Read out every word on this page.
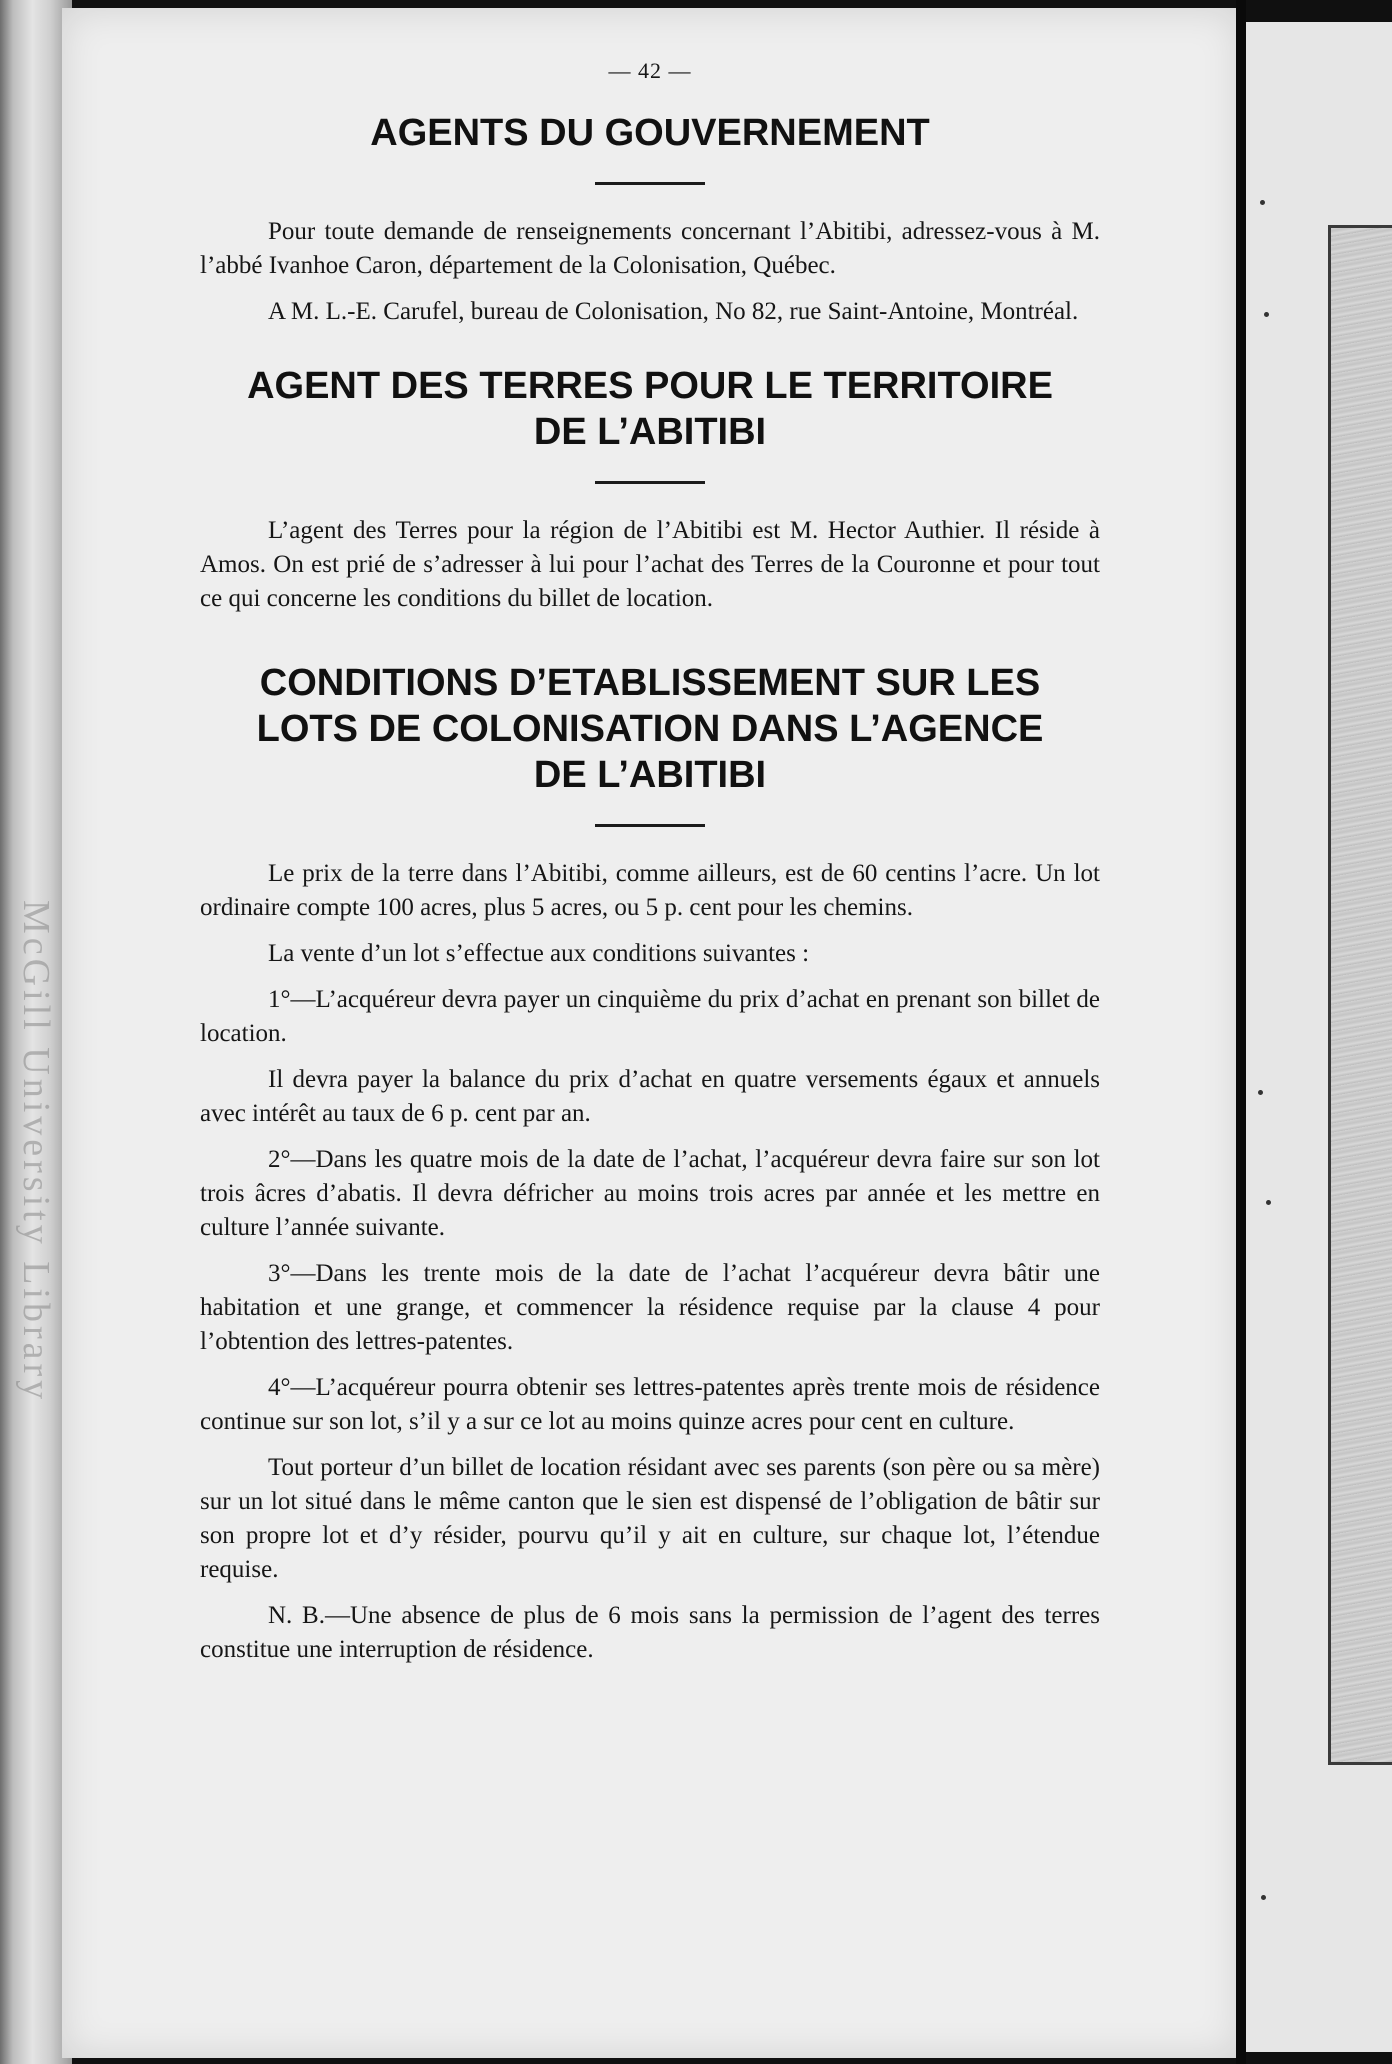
McGill University Library
— 42 —
AGENTS DU GOUVERNEMENT

Pour toute demande de renseignements concernant l’Abitibi, adressez-vous à M. l’abbé Ivanhoe Caron, département de la Colonisation, Québec.

A M. L.-E. Carufel, bureau de Colonisation, No 82, rue Saint-Antoine, Montréal.

AGENT DES TERRES POUR LE TERRITOIRE
DE L’ABITIBI

L’agent des Terres pour la région de l’Abitibi est M. Hector Authier. Il réside à Amos. On est prié de s’adresser à lui pour l’achat des Terres de la Couronne et pour tout ce qui concerne les conditions du billet de location.

CONDITIONS D’ETABLISSEMENT SUR LES
LOTS DE COLONISATION DANS L’AGENCE
DE L’ABITIBI

Le prix de la terre dans l’Abitibi, comme ailleurs, est de 60 centins l’acre. Un lot ordinaire compte 100 acres, plus 5 acres, ou 5 p. cent pour les chemins.

La vente d’un lot s’effectue aux conditions suivantes :

1°—L’acquéreur devra payer un cinquième du prix d’achat en prenant son billet de location.

Il devra payer la balance du prix d’achat en quatre versements égaux et annuels avec intérêt au taux de 6 p. cent par an.

2°—Dans les quatre mois de la date de l’achat, l’acquéreur devra faire sur son lot trois âcres d’abatis. Il devra défricher au moins trois acres par année et les mettre en culture l’année suivante.

3°—Dans les trente mois de la date de l’achat l’acquéreur devra bâtir une habitation et une grange, et commencer la résidence requise par la clause 4 pour l’obtention des lettres-patentes.

4°—L’acquéreur pourra obtenir ses lettres-patentes après trente mois de résidence continue sur son lot, s’il y a sur ce lot au moins quinze acres pour cent en culture.

Tout porteur d’un billet de location résidant avec ses parents (son père ou sa mère) sur un lot situé dans le même canton que le sien est dispensé de l’obligation de bâtir sur son propre lot et d’y résider, pourvu qu’il y ait en culture, sur chaque lot, l’étendue requise.

N. B.—Une absence de plus de 6 mois sans la permission de l’agent des terres constitue une interruption de résidence.
